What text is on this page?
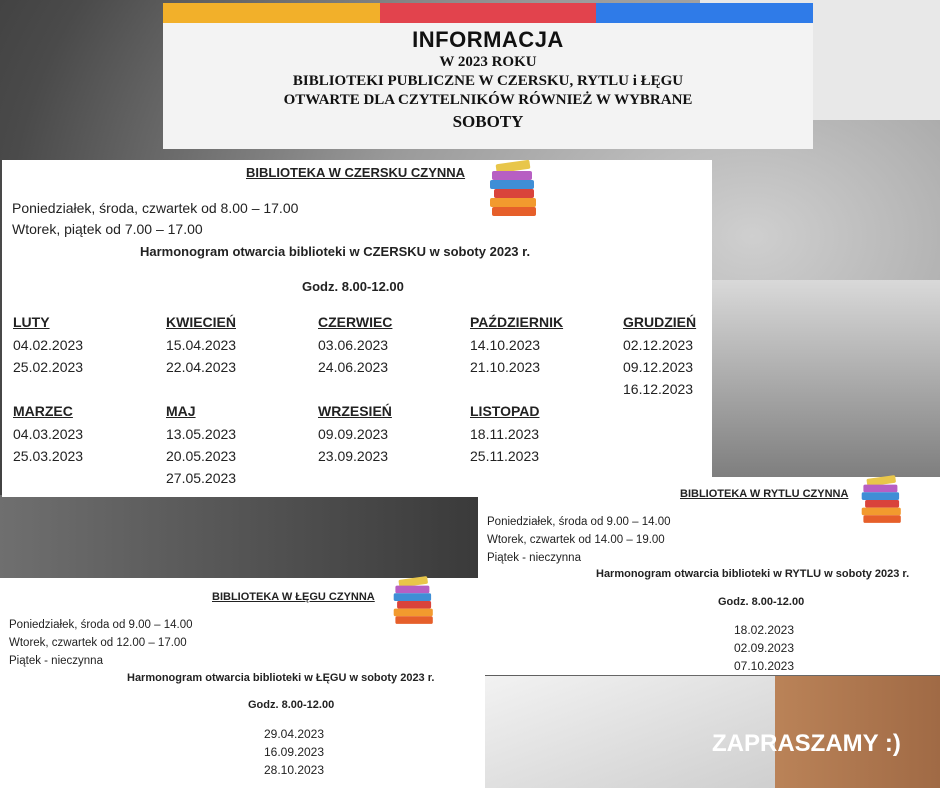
INFORMACJA
W 2023 ROKU
BIBLIOTEKI PUBLICZNE W CZERSKU, RYTLU i ŁĘGU
OTWARTE DLA CZYTELNIKÓW RÓWNIEŻ W WYBRANE
SOBOTY
BIBLIOTEKA W CZERSKU CZYNNA
Poniedziałek, środa, czwartek od 8.00 – 17.00
Wtorek, piątek od 7.00 – 17.00
Harmonogram otwarcia biblioteki w CZERSKU w soboty 2023 r.
Godz. 8.00-12.00
LUTY
04.02.2023
25.02.2023
KWIECIEŃ
15.04.2023
22.04.2023
CZERWIEC
03.06.2023
24.06.2023
PAŹDZIERNIK
14.10.2023
21.10.2023
GRUDZIEŃ
02.12.2023
09.12.2023
16.12.2023
MARZEC
04.03.2023
25.03.2023
MAJ
13.05.2023
20.05.2023
27.05.2023
WRZESIEŃ
09.09.2023
23.09.2023
LISTOPAD
18.11.2023
25.11.2023
BIBLIOTEKA W RYTLU CZYNNA
Poniedziałek, środa od 9.00 – 14.00
Wtorek, czwartek od 14.00 – 19.00
Piątek - nieczynna
Harmonogram otwarcia biblioteki w RYTLU w soboty 2023 r.
Godz. 8.00-12.00
18.02.2023
02.09.2023
07.10.2023
BIBLIOTEKA W ŁĘGU CZYNNA
Poniedziałek, środa od 9.00 – 14.00
Wtorek, czwartek od 12.00 – 17.00
Piątek - nieczynna
Harmonogram otwarcia biblioteki w ŁĘGU w soboty 2023 r.
Godz. 8.00-12.00
29.04.2023
16.09.2023
28.10.2023
GCK
w Czersku
ZAPRASZAMY :)
